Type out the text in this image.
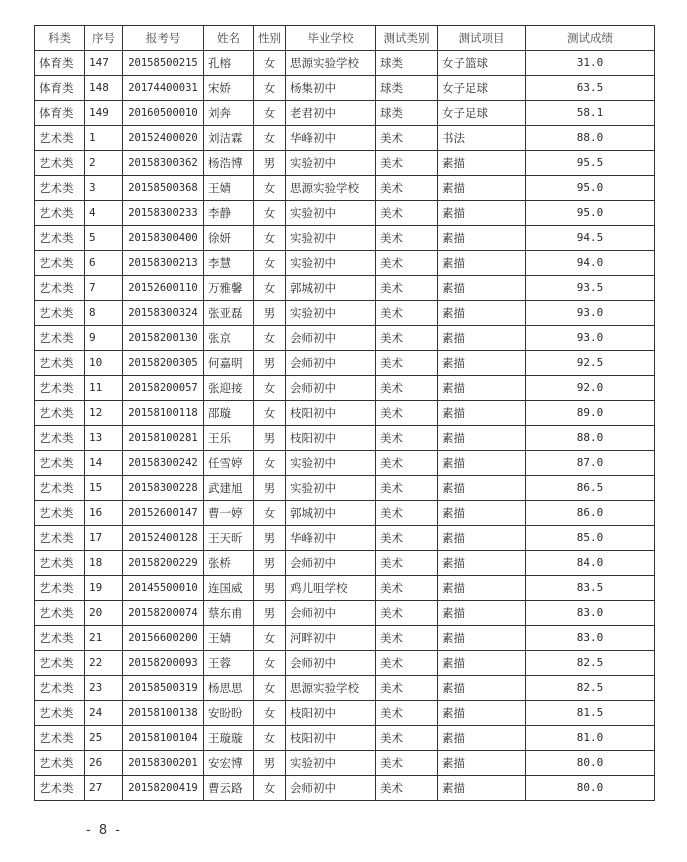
科类	序号	报考号	姓名	性别	毕业学校	测试类别	测试项目	测试成绩
体育类	147	20158500215	孔榕	女	思源实验学校	球类	女子篮球	31.0
体育类	148	20174400031	宋娇	女	杨集初中	球类	女子足球	63.5
体育类	149	20160500010	刘奔	女	老君初中	球类	女子足球	58.1
艺术类	1	20152400020	刘洁霖	女	华峰初中	美术	书法	88.0
艺术类	2	20158300362	杨浩博	男	实验初中	美术	素描	95.5
艺术类	3	20158500368	王婧	女	思源实验学校	美术	素描	95.0
艺术类	4	20158300233	李静	女	实验初中	美术	素描	95.0
艺术类	5	20158300400	徐妍	女	实验初中	美术	素描	94.5
艺术类	6	20158300213	李慧	女	实验初中	美术	素描	94.0
艺术类	7	20152600110	万雅馨	女	郭城初中	美术	素描	93.5
艺术类	8	20158300324	张亚磊	男	实验初中	美术	素描	93.0
艺术类	9	20158200130	张京	女	会师初中	美术	素描	93.0
艺术类	10	20158200305	何嘉明	男	会师初中	美术	素描	92.5
艺术类	11	20158200057	张迎接	女	会师初中	美术	素描	92.0
艺术类	12	20158100118	邵璇	女	枝阳初中	美术	素描	89.0
艺术类	13	20158100281	王乐	男	枝阳初中	美术	素描	88.0
艺术类	14	20158300242	任雪婷	女	实验初中	美术	素描	87.0
艺术类	15	20158300228	武建旭	男	实验初中	美术	素描	86.5
艺术类	16	20152600147	曹一婷	女	郭城初中	美术	素描	86.0
艺术类	17	20152400128	王天昕	男	华峰初中	美术	素描	85.0
艺术类	18	20158200229	张桥	男	会师初中	美术	素描	84.0
艺术类	19	20145500010	连国威	男	鸡儿咀学校	美术	素描	83.5
艺术类	20	20158200074	蔡东甫	男	会师初中	美术	素描	83.0
艺术类	21	20156600200	王婧	女	河畔初中	美术	素描	83.0
艺术类	22	20158200093	王蓉	女	会师初中	美术	素描	82.5
艺术类	23	20158500319	杨思思	女	思源实验学校	美术	素描	82.5
艺术类	24	20158100138	安盼盼	女	枝阳初中	美术	素描	81.5
艺术类	25	20158100104	王璇璇	女	枝阳初中	美术	素描	81.0
艺术类	26	20158300201	安宏博	男	实验初中	美术	素描	80.0
艺术类	27	20158200419	曹云路	女	会师初中	美术	素描	80.0
- 8 -
